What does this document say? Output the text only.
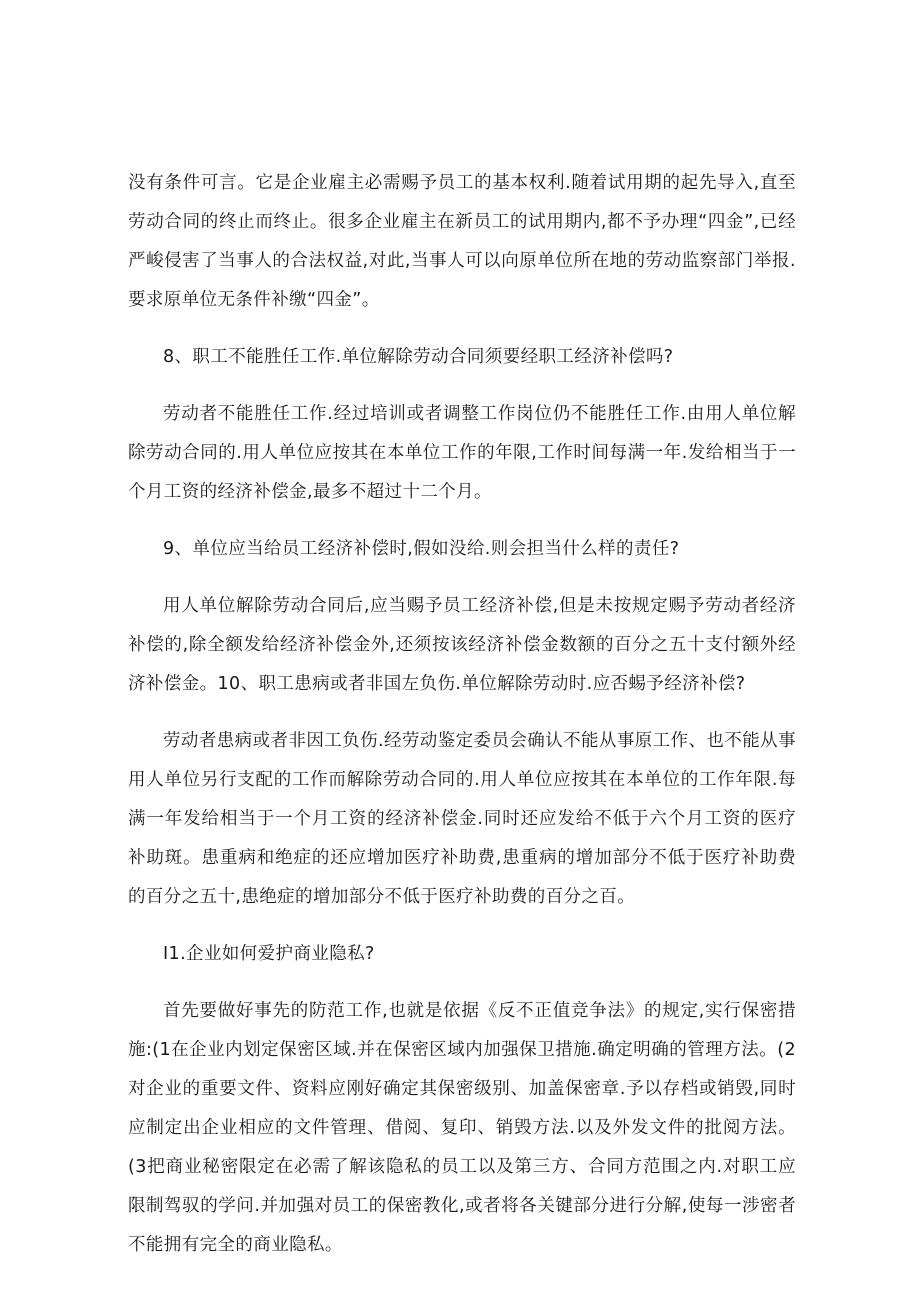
没有条件可言。它是企业雇主必需赐予员工的基本权利.随着试用期的起先导入,直至劳动合同的终止而终止。很多企业雇主在新员工的试用期内,都不予办理“四金”,已经严峻侵害了当事人的合法权益,对此,当事人可以向原单位所在地的劳动监察部门举报.要求原单位无条件补缴“四金”。

8、职工不能胜任工作.单位解除劳动合同须要经职工经济补偿吗?

劳动者不能胜任工作.经过培训或者调整工作岗位仍不能胜任工作.由用人单位解除劳动合同的.用人单位应按其在本单位工作的年限,工作时间每满一年.发给相当于一个月工资的经济补偿金,最多不超过十二个月。

9、单位应当给员工经济补偿时,假如没给.则会担当什么样的责任?

用人单位解除劳动合同后,应当赐予员工经济补偿,但是未按规定赐予劳动者经济补偿的,除全额发给经济补偿金外,还须按该经济补偿金数额的百分之五十支付额外经济补偿金。10、职工患病或者非国左负伤.单位解除劳动时.应否蜴予经济补偿?

劳动者患病或者非因工负伤.经劳动鉴定委员会确认不能从事原工作、也不能从事用人单位另行支配的工作而解除劳动合同的.用人单位应按其在本单位的工作年限.每满一年发给相当于一个月工资的经济补偿金.同时还应发给不低于六个月工资的医疗补助斑。患重病和绝症的还应增加医疗补助费,患重病的增加部分不低于医疗补助费的百分之五十,患绝症的增加部分不低于医疗补助费的百分之百。

I1.企业如何爱护商业隐私?

首先要做好事先的防范工作,也就是依据《反不正值竞争法》的规定,实行保密措施:(1在企业内划定保密区域.并在保密区域内加强保卫措施.确定明确的管理方法。(2对企业的重要文件、资料应刚好确定其保密级别、加盖保密章.予以存档或销毁,同时应制定出企业相应的文件管理、借阅、复印、销毁方法.以及外发文件的批阅方法。(3把商业秘密限定在必需了解该隐私的员工以及第三方、合同方范围之内.对职工应限制驾驭的学问.并加强对员工的保密教化,或者将各关键部分进行分解,使每一涉密者不能拥有完全的商业隐私。
